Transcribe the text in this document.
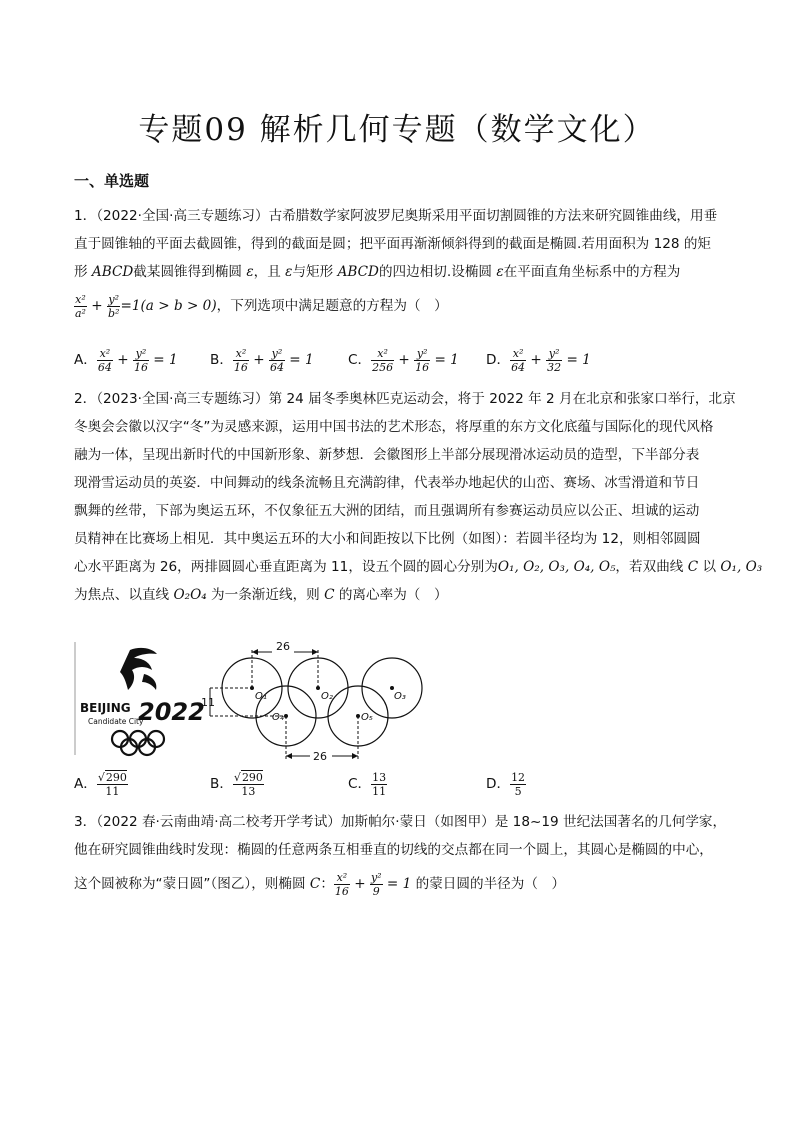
专题09 解析几何专题（数学文化）
一、单选题
1．（2022·全国·高三专题练习）古希腊数学家阿波罗尼奥斯采用平面切割圆锥的方法来研究圆锥曲线，用垂
直于圆锥轴的平面去截圆锥，得到的截面是圆；把平面再渐渐倾斜得到的截面是椭圆.若用面积为 128 的矩
形 ABCD截某圆锥得到椭圆 ε，且 ε与矩形 ABCD的四边相切.设椭圆 ε在平面直角坐标系中的方程为
$\frac{\text{x²}}{\text{a²}} + \frac{\text{y²}}{\text{b²}} =1(a > b > 0)$，下列选项中满足题意的方程为（　）
A． $\frac{\text{x²}}{64} + \frac{\text{y²}}{16} = 1$ B． $\frac{\text{x²}}{16} + \frac{\text{y²}}{64} = 1$	C． $\frac{\text{x²}}{256} + \frac{\text{y²}}{16} = 1$ D． $\frac{\text{x²}}{64} + \frac{\text{y²}}{32} = 1$
2．（2023·全国·高三专题练习）第 24 届冬季奥林匹克运动会，将于 2022 年 2 月在北京和张家口举行，北京
冬奥会会徽以汉字“冬”为灵感来源，运用中国书法的艺术形态，将厚重的东方文化底蕴与国际化的现代风格
融为一体，呈现出新时代的中国新形象、新梦想．会徽图形上半部分展现滑冰运动员的造型，下半部分表
现滑雪运动员的英姿．中间舞动的线条流畅且充满韵律，代表举办地起伏的山峦、赛场、冰雪滑道和节日
飘舞的丝带，下部为奥运五环，不仅象征五大洲的团结，而且强调所有参赛运动员应以公正、坦诚的运动
员精神在比赛场上相见．其中奥运五环的大小和间距按以下比例（如图）：若圆半径均为 12，则相邻圆圆
心水平距离为 26，两排圆圆心垂直距离为 11，设五个圆的圆心分别为O₁, O₂, O₃, O₄, O₅，若双曲线 C 以 O₁, O₃
为焦点、以直线 O₂O₄ 为一条渐近线，则 C 的离心率为（　）
BEIJING
Candidate City
2022
26
26
11	O₁	O₂	O₃
O₄	O₅
A． $\frac{√290}{11}$	B． $\frac{√290}{13}$	C． $\frac{13}{11}$	D． $\frac{12}{5}$
3．（2022 春·云南曲靖·高二校考开学考试）加斯帕尔·蒙日（如图甲）是 18~19 世纪法国著名的几何学家，
他在研究圆锥曲线时发现：椭圆的任意两条互相垂直的切线的交点都在同一个圆上，其圆心是椭圆的中心，
这个圆被称为“蒙日圆”（图乙），则椭圆 C： $\frac{\text{x²}}{16} + \frac{\text{y²}}{9} = 1$ 的蒙日圆的半径为（　）
